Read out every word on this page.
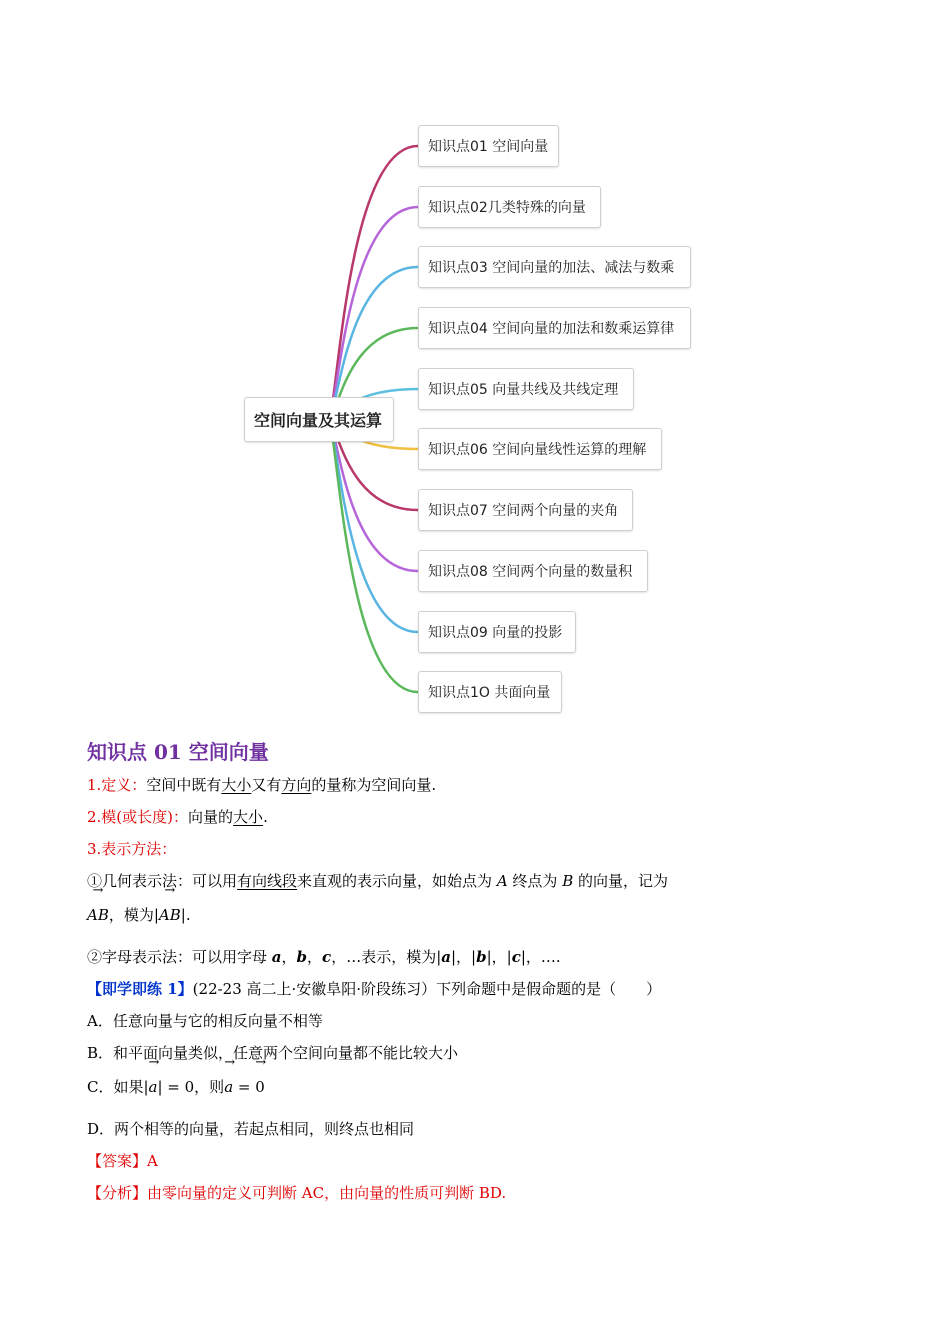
空间向量及其运算
知识点01 空间向量
知识点02几类特殊的向量
知识点03 空间向量的加法、减法与数乘
知识点04 空间向量的加法和数乘运算律
知识点05 向量共线及共线定理
知识点06 空间向量线性运算的理解
知识点07 空间两个向量的夹角
知识点08 空间两个向量的数量积
知识点09 向量的投影
知识点1O 共面向量
知识点 01 空间向量
1.定义：空间中既有大小又有方向的量称为空间向量.
2.模(或长度)：向量的大小.
3.表示方法：
①几何表示法：可以用有向线段来直观的表示向量，如始点为 A 终点为 B 的向量，记为
→ AB，模为|→ AB|.
②字母表示法：可以用字母 a，b，c，…表示，模为|a|，|b|，|c|，….
【即学即练 1】(22-23 高二上·安徽阜阳·阶段练习）下列命题中是假命题的是（　　）
A．任意向量与它的相反向量不相等
B．和平面向量类似，任意两个空间向量都不能比较大小
C．如果|→ a| = 0，则→ a = → 0
D．两个相等的向量，若起点相同，则终点也相同
【答案】A
【分析】由零向量的定义可判断 AC，由向量的性质可判断 BD.
